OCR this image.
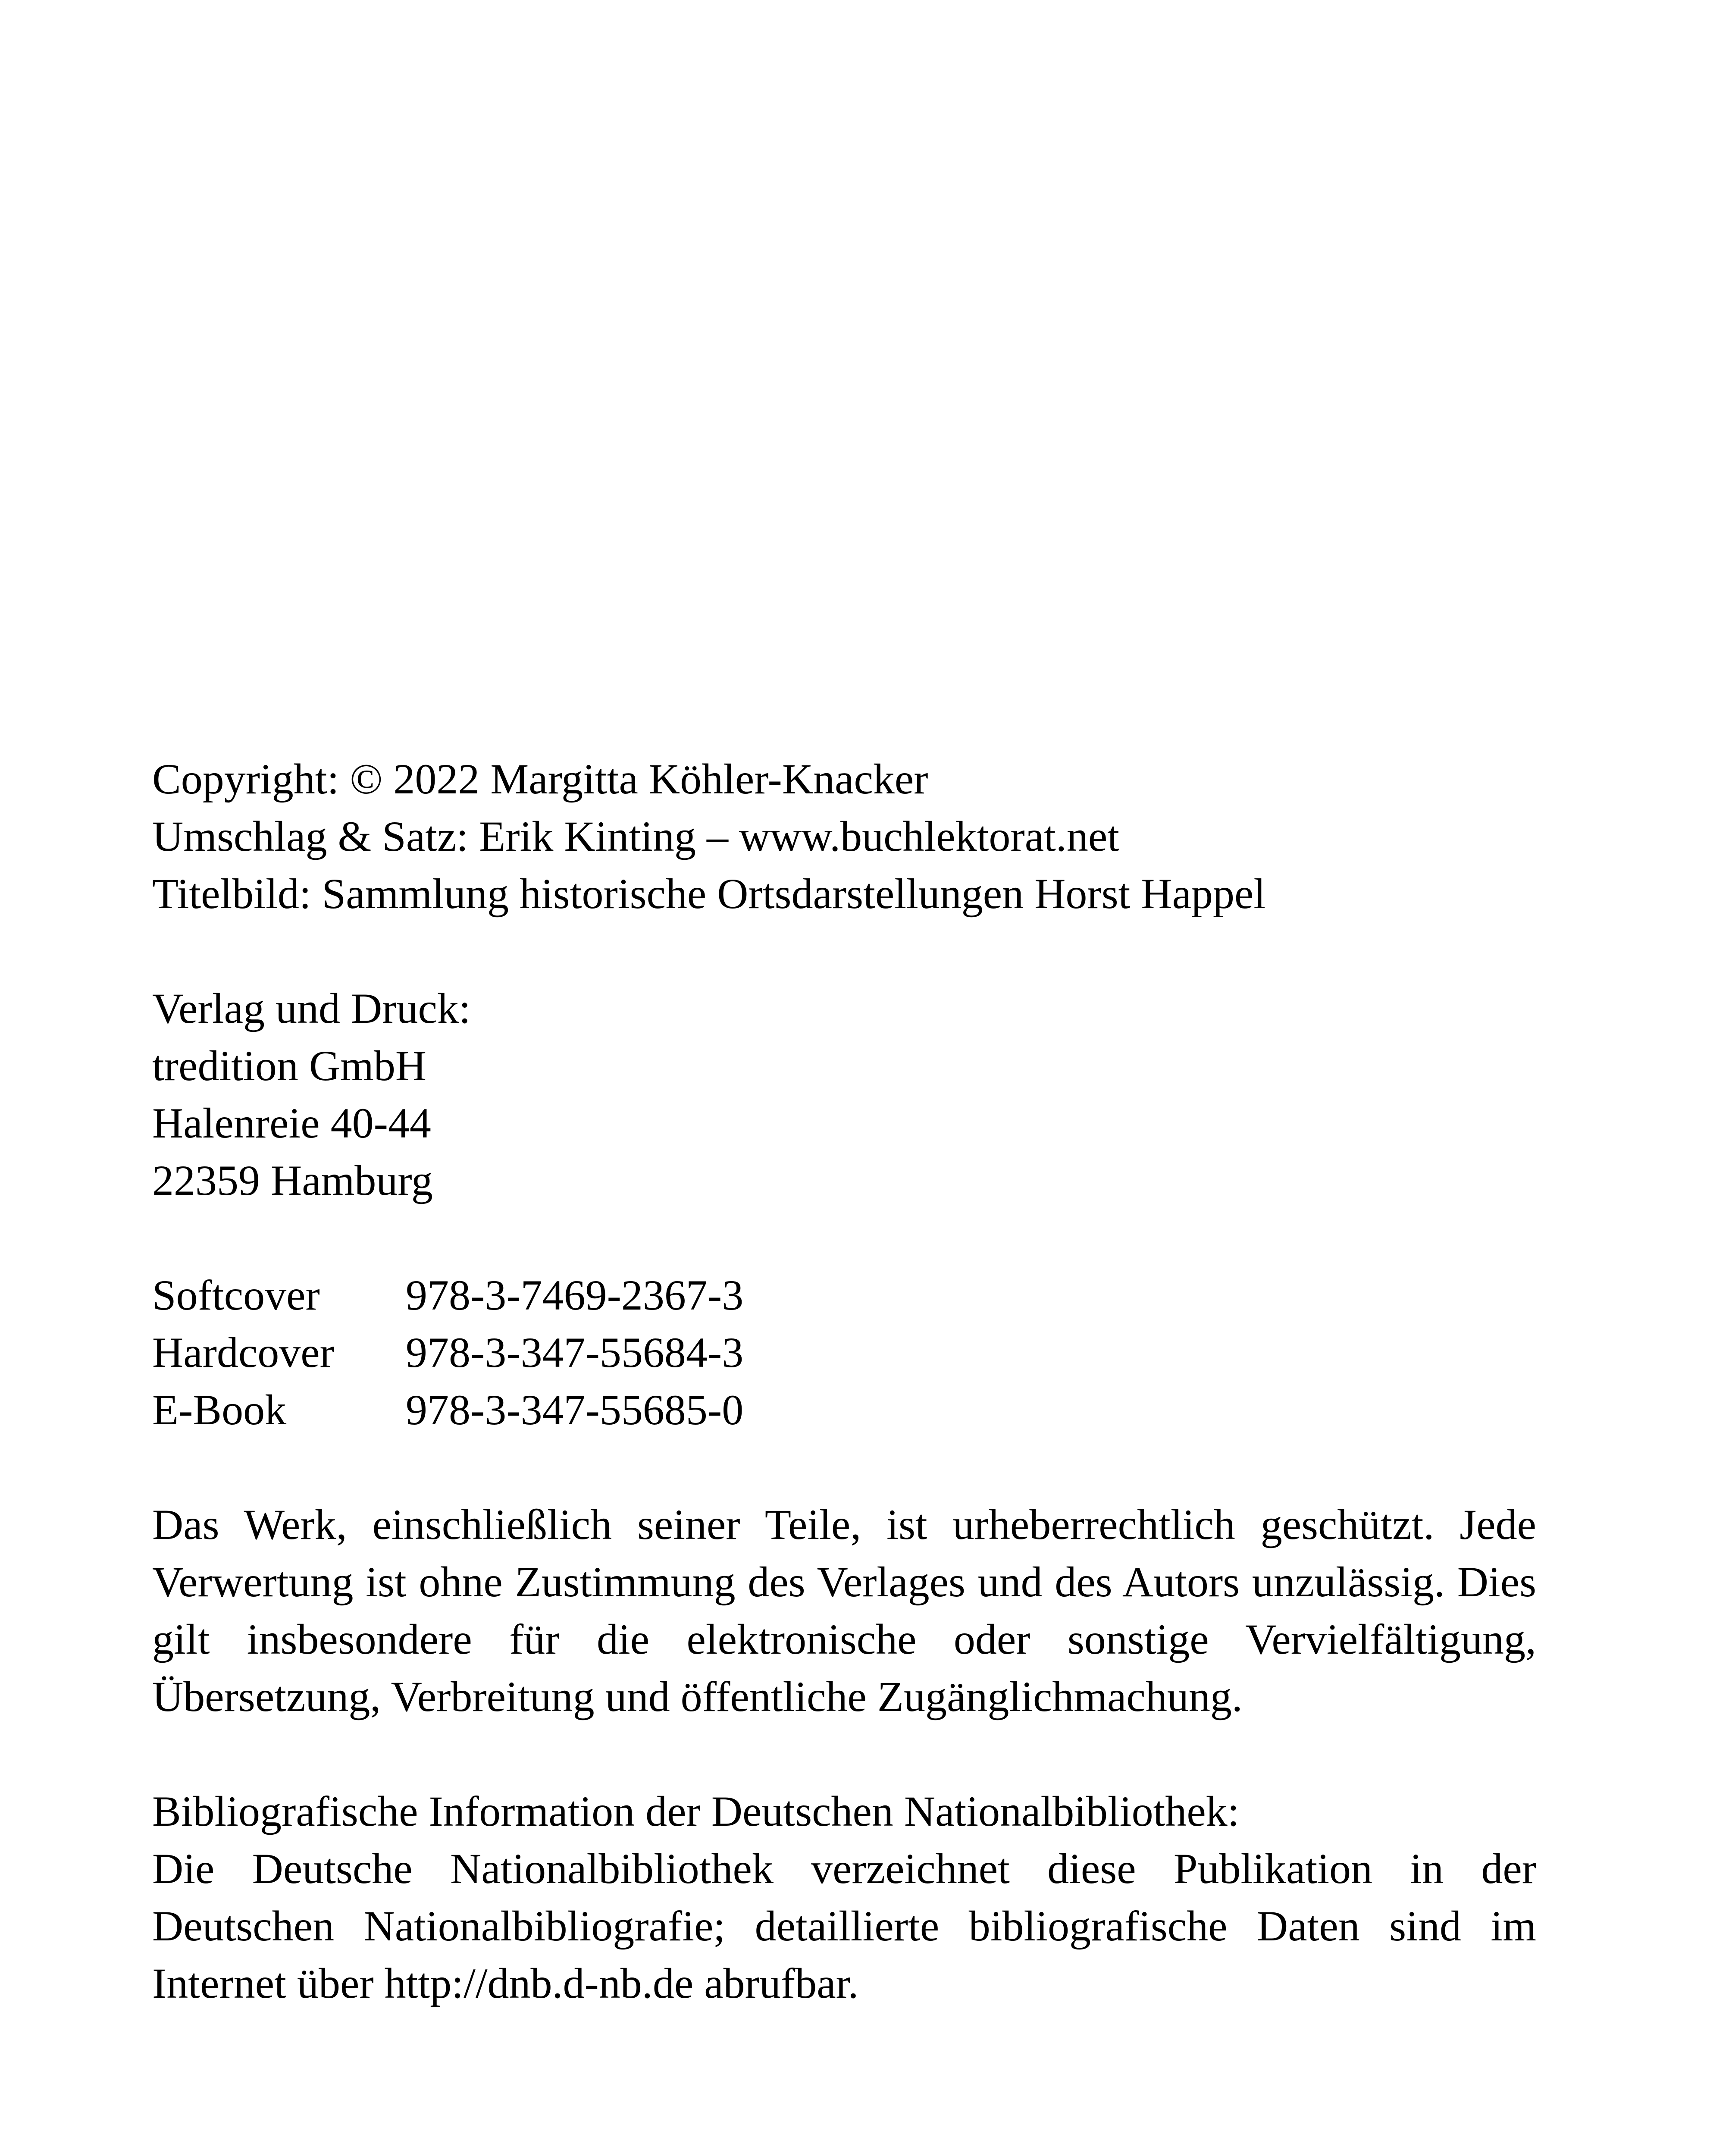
Copyright: © 2022 Margitta Köhler-Knacker
Umschlag & Satz: Erik Kinting – www.buchlektorat.net
Titelbild: Sammlung historische Ortsdarstellungen Horst Happel
Verlag und Druck:
tredition GmbH
Halenreie 40-44
22359 Hamburg
Softcover	978-3-7469-2367-3
Hardcover	978-3-347-55684-3
E-Book	978-3-347-55685-0
Das Werk, einschließlich seiner Teile, ist urheberrechtlich geschützt. Jede Verwertung ist ohne Zustimmung des Verlages und des Autors unzulässig. Dies gilt insbesondere für die elektronische oder sonstige Vervielfältigung, Übersetzung, Verbreitung und öffentliche Zugänglichmachung.
Bibliografische Information der Deutschen Nationalbibliothek:
Die Deutsche Nationalbibliothek verzeichnet diese Publikation in der Deutschen Nationalbibliografie; detaillierte bibliografische Daten sind im Internet über http://dnb.d-nb.de abrufbar.
